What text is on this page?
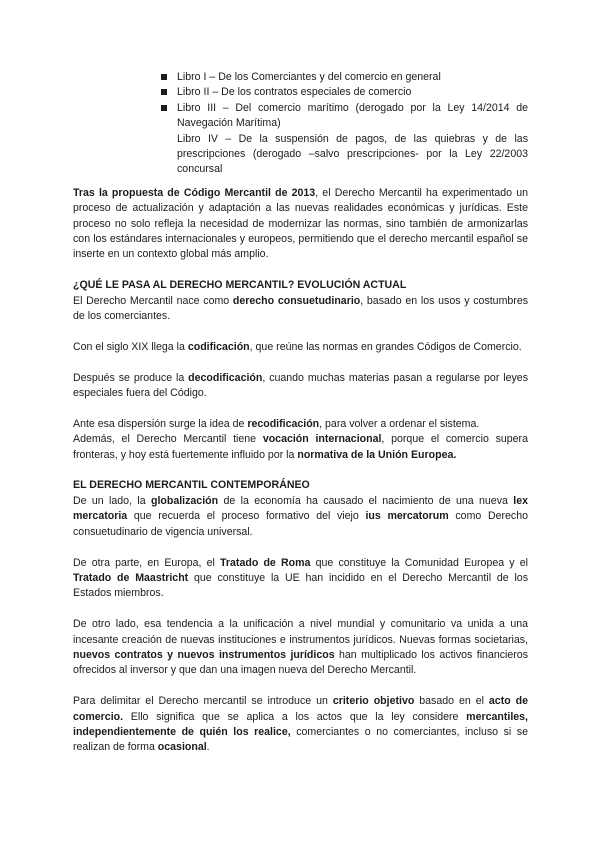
Libro I – De los Comerciantes y del comercio en general
Libro II – De los contratos especiales de comercio
Libro III – Del comercio marítimo (derogado por la Ley 14/2014 de Navegación Marítima)
Libro IV – De la suspensión de pagos, de las quiebras y de las prescripciones (derogado –salvo prescripciones- por la Ley 22/2003 concursal

Tras la propuesta de Código Mercantil de 2013, el Derecho Mercantil ha experimentado un proceso de actualización y adaptación a las nuevas realidades económicas y jurídicas. Este proceso no solo refleja la necesidad de modernizar las normas, sino también de armonizarlas con los estándares internacionales y europeos, permitiendo que el derecho mercantil español se inserte en un contexto global más amplio.

¿QUÉ LE PASA AL DERECHO MERCANTIL? EVOLUCIÓN ACTUAL

El Derecho Mercantil nace como derecho consuetudinario, basado en los usos y costumbres de los comerciantes.

Con el siglo XIX llega la codificación, que reúne las normas en grandes Códigos de Comercio.

Después se produce la decodificación, cuando muchas materias pasan a regularse por leyes especiales fuera del Código.

Ante esa dispersión surge la idea de recodificación, para volver a ordenar el sistema.

Además, el Derecho Mercantil tiene vocación internacional, porque el comercio supera fronteras, y hoy está fuertemente influido por la normativa de la Unión Europea.

EL DERECHO MERCANTIL CONTEMPORÁNEO

De un lado, la globalización de la economía ha causado el nacimiento de una nueva lex mercatoria que recuerda el proceso formativo del viejo ius mercatorum como Derecho consuetudinario de vigencia universal.

De otra parte, en Europa, el Tratado de Roma que constituye la Comunidad Europea y el Tratado de Maastricht que constituye la UE han incidido en el Derecho Mercantil de los Estados miembros.

De otro lado, esa tendencia a la unificación a nivel mundial y comunitario va unida a una incesante creación de nuevas instituciones e instrumentos jurídicos. Nuevas formas societarias, nuevos contratos y nuevos instrumentos jurídicos han multiplicado los activos financieros ofrecidos al inversor y que dan una imagen nueva del Derecho Mercantil.

Para delimitar el Derecho mercantil se introduce un criterio objetivo basado en el acto de comercio. Ello significa que se aplica a los actos que la ley considere mercantiles, independientemente de quién los realice, comerciantes o no comerciantes, incluso si se realizan de forma ocasional.
